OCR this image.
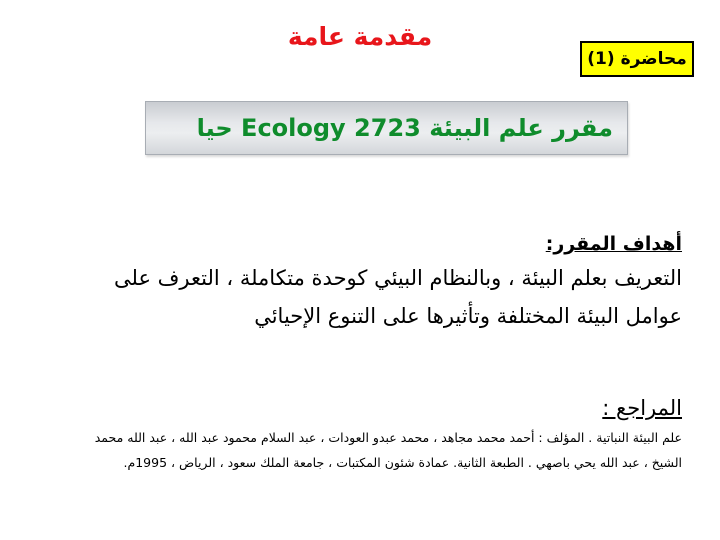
مقدمة عامة
محاضرة (1)
مقرر علم البيئة Ecology 2723 حيا
أهداف المقرر:
التعريف بعلم البيئة ، وبالنظام البيئي كوحدة متكاملة ، التعرف على عوامل البيئة المختلفة وتأثيرها على التنوع الإحيائي
المراجع :
علم البيئة النباتية . المؤلف : أحمد محمد مجاهد ، محمد عبدو العودات ، عبد السلام محمود عبد الله ، عبد الله محمد الشيخ ، عبد الله يحي باصهي . الطبعة الثانية. عمادة شئون المكتبات ، جامعة الملك سعود ، الرياض ، 1995م.
